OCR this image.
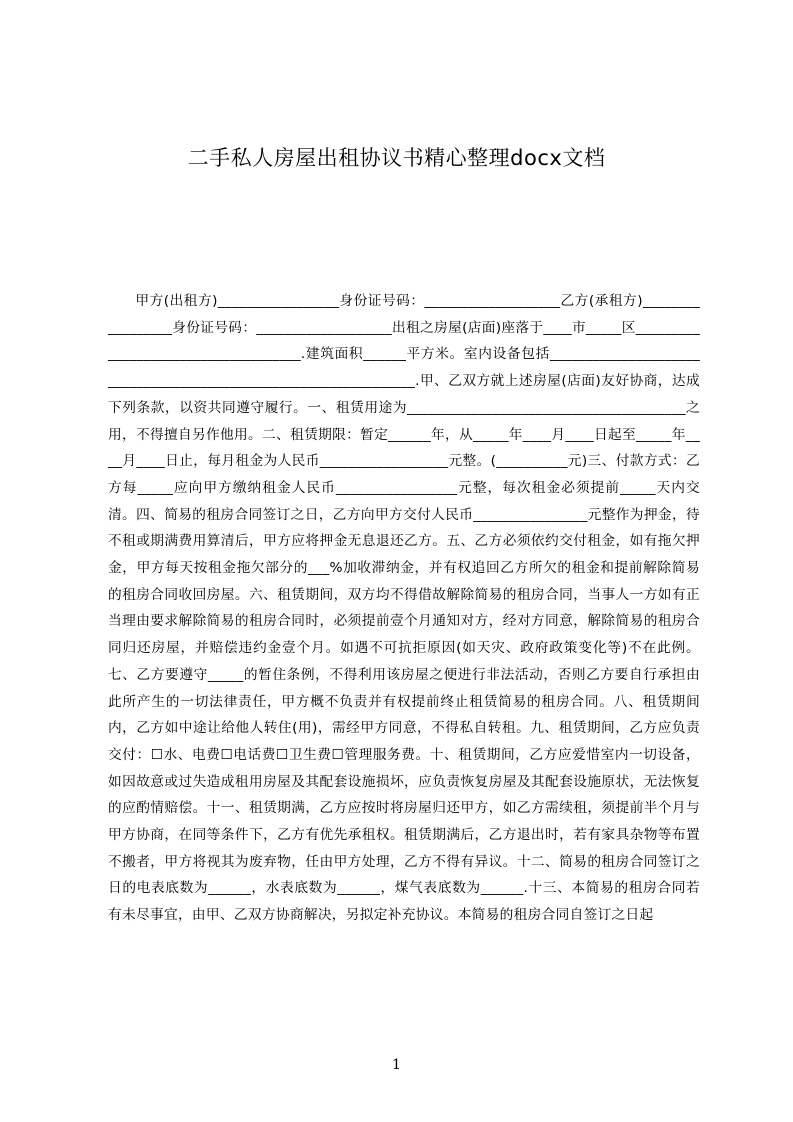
二手私人房屋出租协议书精心整理docx文档

甲方(出租方)_________________身份证号码：___________________乙方(承租方)_________________身份证号码：___________________出租之房屋(店面)座落于____市_____区____________________________________.建筑面积______平方米。室内设备包括________________________________________________________________.甲、乙双方就上述房屋(店面)友好协商，达成下列条款，以资共同遵守履行。一、租赁用途为_______________________________________之用，不得擅自另作他用。二、租赁期限：暂定______年，从_____年____月____日起至_____年____月____日止，每月租金为人民币__________________元整。(__________元)三、付款方式：乙方每_____应向甲方缴纳租金人民币_________________元整，每次租金必须提前_____天内交清。四、简易的租房合同签订之日，乙方向甲方交付人民币________________元整作为押金，待不租或期满费用算清后，甲方应将押金无息退还乙方。五、乙方必须依约交付租金，如有拖欠押金，甲方每天按租金拖欠部分的___%加收滞纳金，并有权追回乙方所欠的租金和提前解除简易的租房合同收回房屋。六、租赁期间，双方均不得借故解除简易的租房合同，当事人一方如有正当理由要求解除简易的租房合同时，必须提前壹个月通知对方，经对方同意，解除简易的租房合同归还房屋，并赔偿违约金壹个月。如遇不可抗拒原因(如天灾、政府政策变化等)不在此例。七、乙方要遵守_____的暂住条例，不得利用该房屋之便进行非法活动，否则乙方要自行承担由此所产生的一切法律责任，甲方概不负责并有权提前终止租赁简易的租房合同。八、租赁期间内，乙方如中途让给他人转住(用)，需经甲方同意，不得私自转租。九、租赁期间，乙方应负责交付：☐水、电费☐电话费☐卫生费☐管理服务费。十、租赁期间，乙方应爱惜室内一切设备，如因故意或过失造成租用房屋及其配套设施损坏，应负责恢复房屋及其配套设施原状，无法恢复的应酌情赔偿。十一、租赁期满，乙方应按时将房屋归还甲方，如乙方需续租，须提前半个月与甲方协商，在同等条件下，乙方有优先承租权。租赁期满后，乙方退出时，若有家具杂物等布置不搬者，甲方将视其为废弃物，任由甲方处理，乙方不得有异议。十二、简易的租房合同签订之日的电表底数为______，水表底数为______，煤气表底数为______.十三、本简易的租房合同若有未尽事宜，由甲、乙双方协商解决，另拟定补充协议。本简易的租房合同自签订之日起

1
